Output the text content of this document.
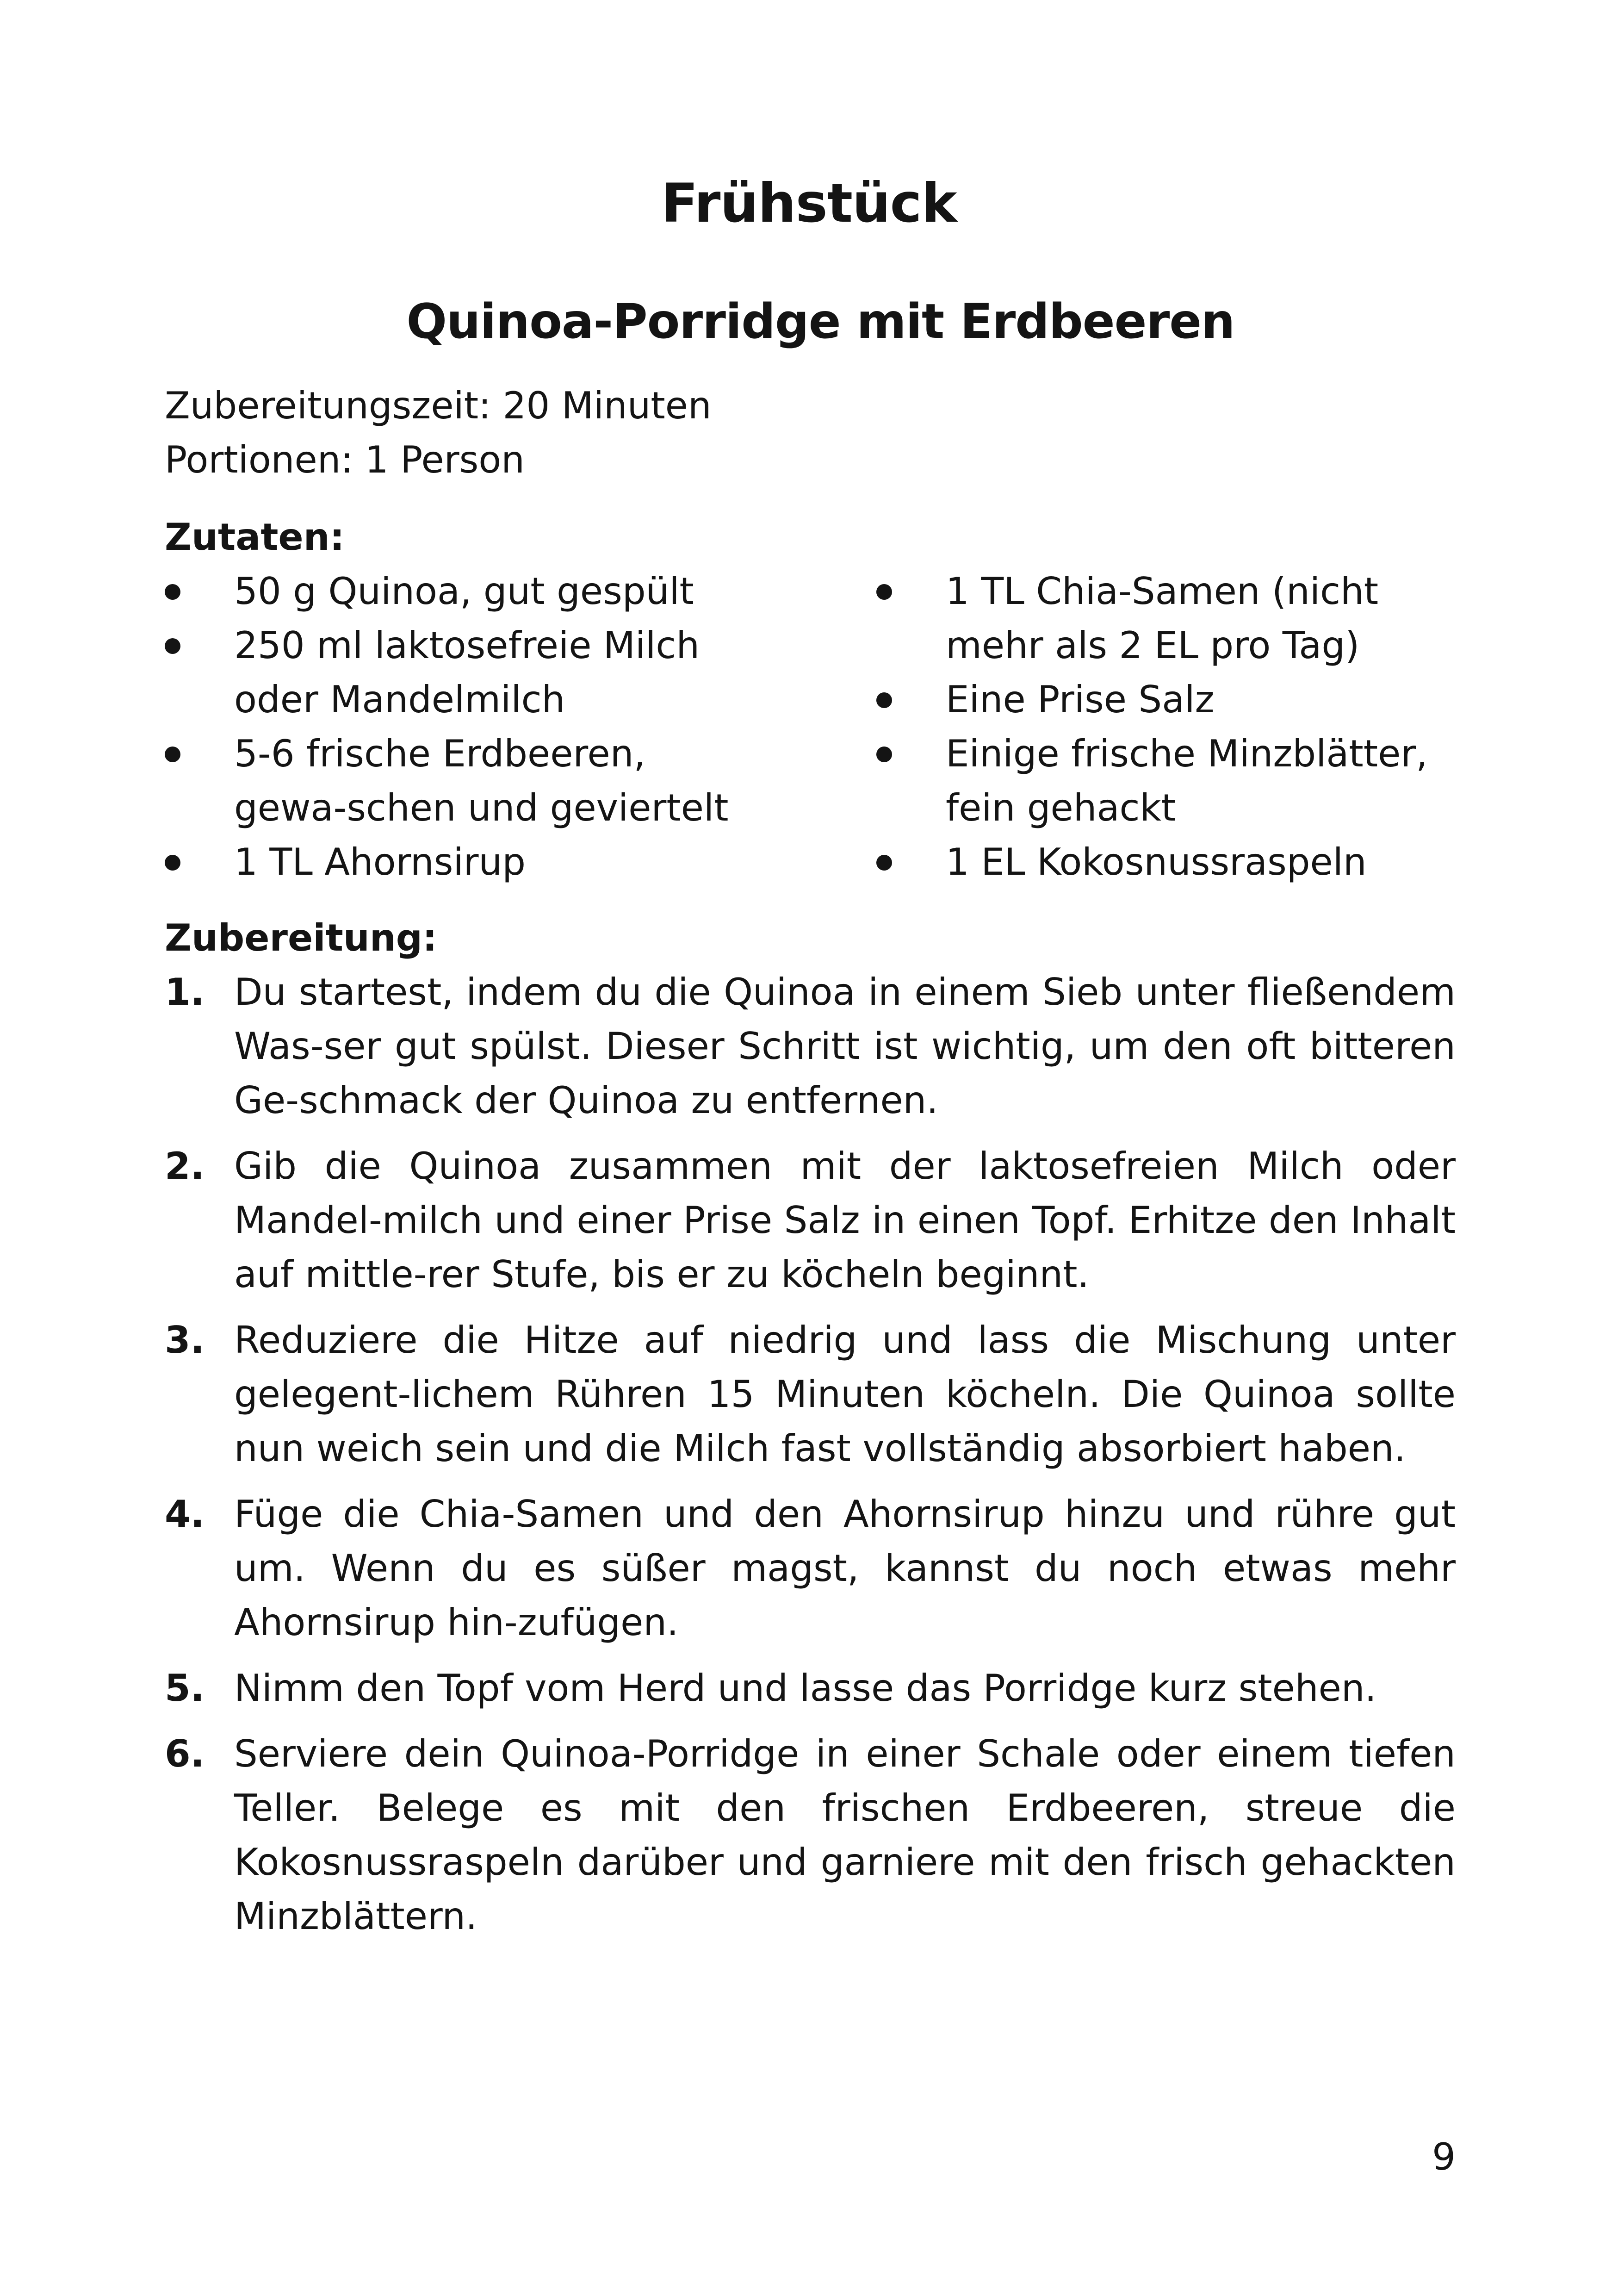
Frühstück
Quinoa-Porridge mit Erdbeeren
Zubereitungszeit: 20 Minuten
Portionen: 1 Person
Zutaten:
50 g Quinoa, gut gespült
250 ml laktosefreie Milch oder Mandelmilch
5-6 frische Erdbeeren, gewa-schen und geviertelt
1 TL Ahornsirup
1 TL Chia-Samen (nicht mehr als 2 EL pro Tag)
Eine Prise Salz
Einige frische Minzblätter, fein gehackt
1 EL Kokosnussraspeln
Zubereitung:
1. Du startest, indem du die Quinoa in einem Sieb unter fließendem Was-ser gut spülst. Dieser Schritt ist wichtig, um den oft bitteren Ge-schmack der Quinoa zu entfernen.
2. Gib die Quinoa zusammen mit der laktosefreien Milch oder Mandel-milch und einer Prise Salz in einen Topf. Erhitze den Inhalt auf mittle-rer Stufe, bis er zu köcheln beginnt.
3. Reduziere die Hitze auf niedrig und lass die Mischung unter gelegent-lichem Rühren 15 Minuten köcheln. Die Quinoa sollte nun weich sein und die Milch fast vollständig absorbiert haben.
4. Füge die Chia-Samen und den Ahornsirup hinzu und rühre gut um. Wenn du es süßer magst, kannst du noch etwas mehr Ahornsirup hin-zufügen.
5. Nimm den Topf vom Herd und lasse das Porridge kurz stehen.
6. Serviere dein Quinoa-Porridge in einer Schale oder einem tiefen Teller. Belege es mit den frischen Erdbeeren, streue die Kokosnussraspeln darüber und garniere mit den frisch gehackten Minzblättern.
9
